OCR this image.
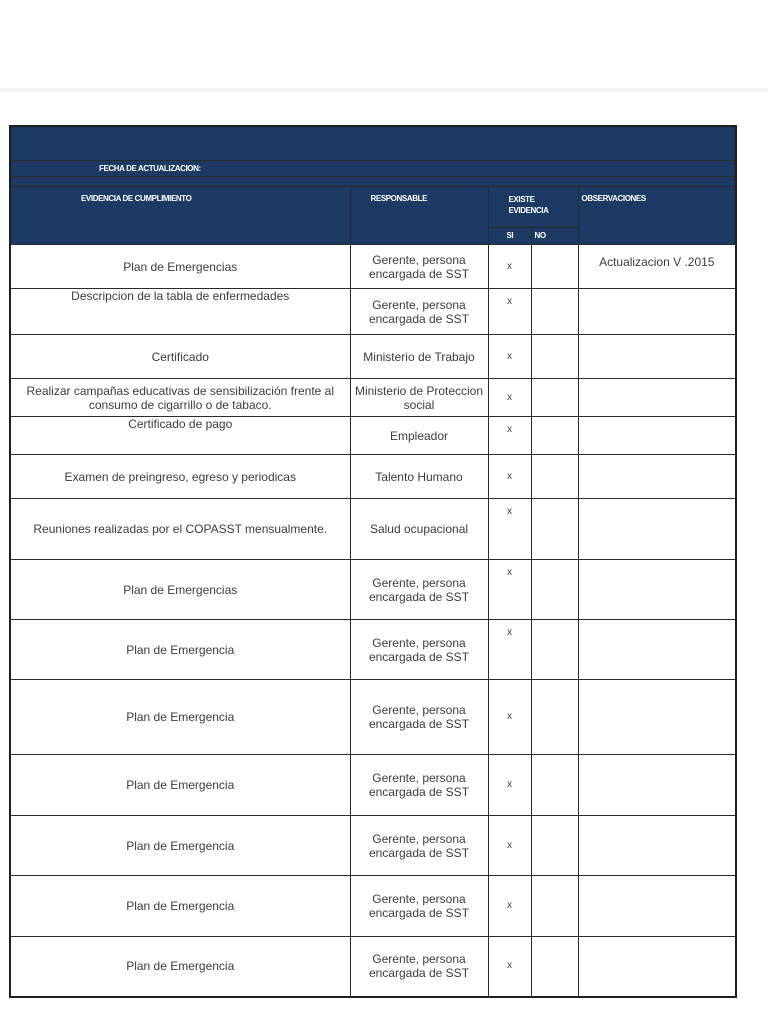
FECHA DE ACTUALIZACION:				

EVIDENCIA DE CUMPLIMIENTO	RESPONSABLE	EXISTE
EVIDENCIA		OBSERVACIONES

		SI	NO	

Plan de Emergencias	Gerente, persona encargada de SST	x		Actualizacion V .2015

Descripcion de la tabla de enfermedades	Gerente, persona encargada de SST	x		

Certificado	Ministerio de Trabajo	x		

Realizar campañas educativas de sensibilización frente al consumo de cigarrillo o de tabaco.	Ministerio de Proteccion social	x		

Certificado de pago	Empleador	x		

Examen de preingreso, egreso y periodicas	Talento Humano	x		

Reuniones realizadas por el COPASST mensualmente.	Salud ocupacional	x		

Plan de Emergencias	Gerente, persona encargada de SST	x		

Plan de Emergencia	Gerente, persona encargada de SST	x		

Plan de Emergencia	Gerente, persona encargada de SST	x		

Plan de Emergencia	Gerente, persona encargada de SST	x		

Plan de Emergencia	Gerente, persona encargada de SST	x		

Plan de Emergencia	Gerente, persona encargada de SST	x		

Plan de Emergencia	Gerente, persona encargada de SST	x		
